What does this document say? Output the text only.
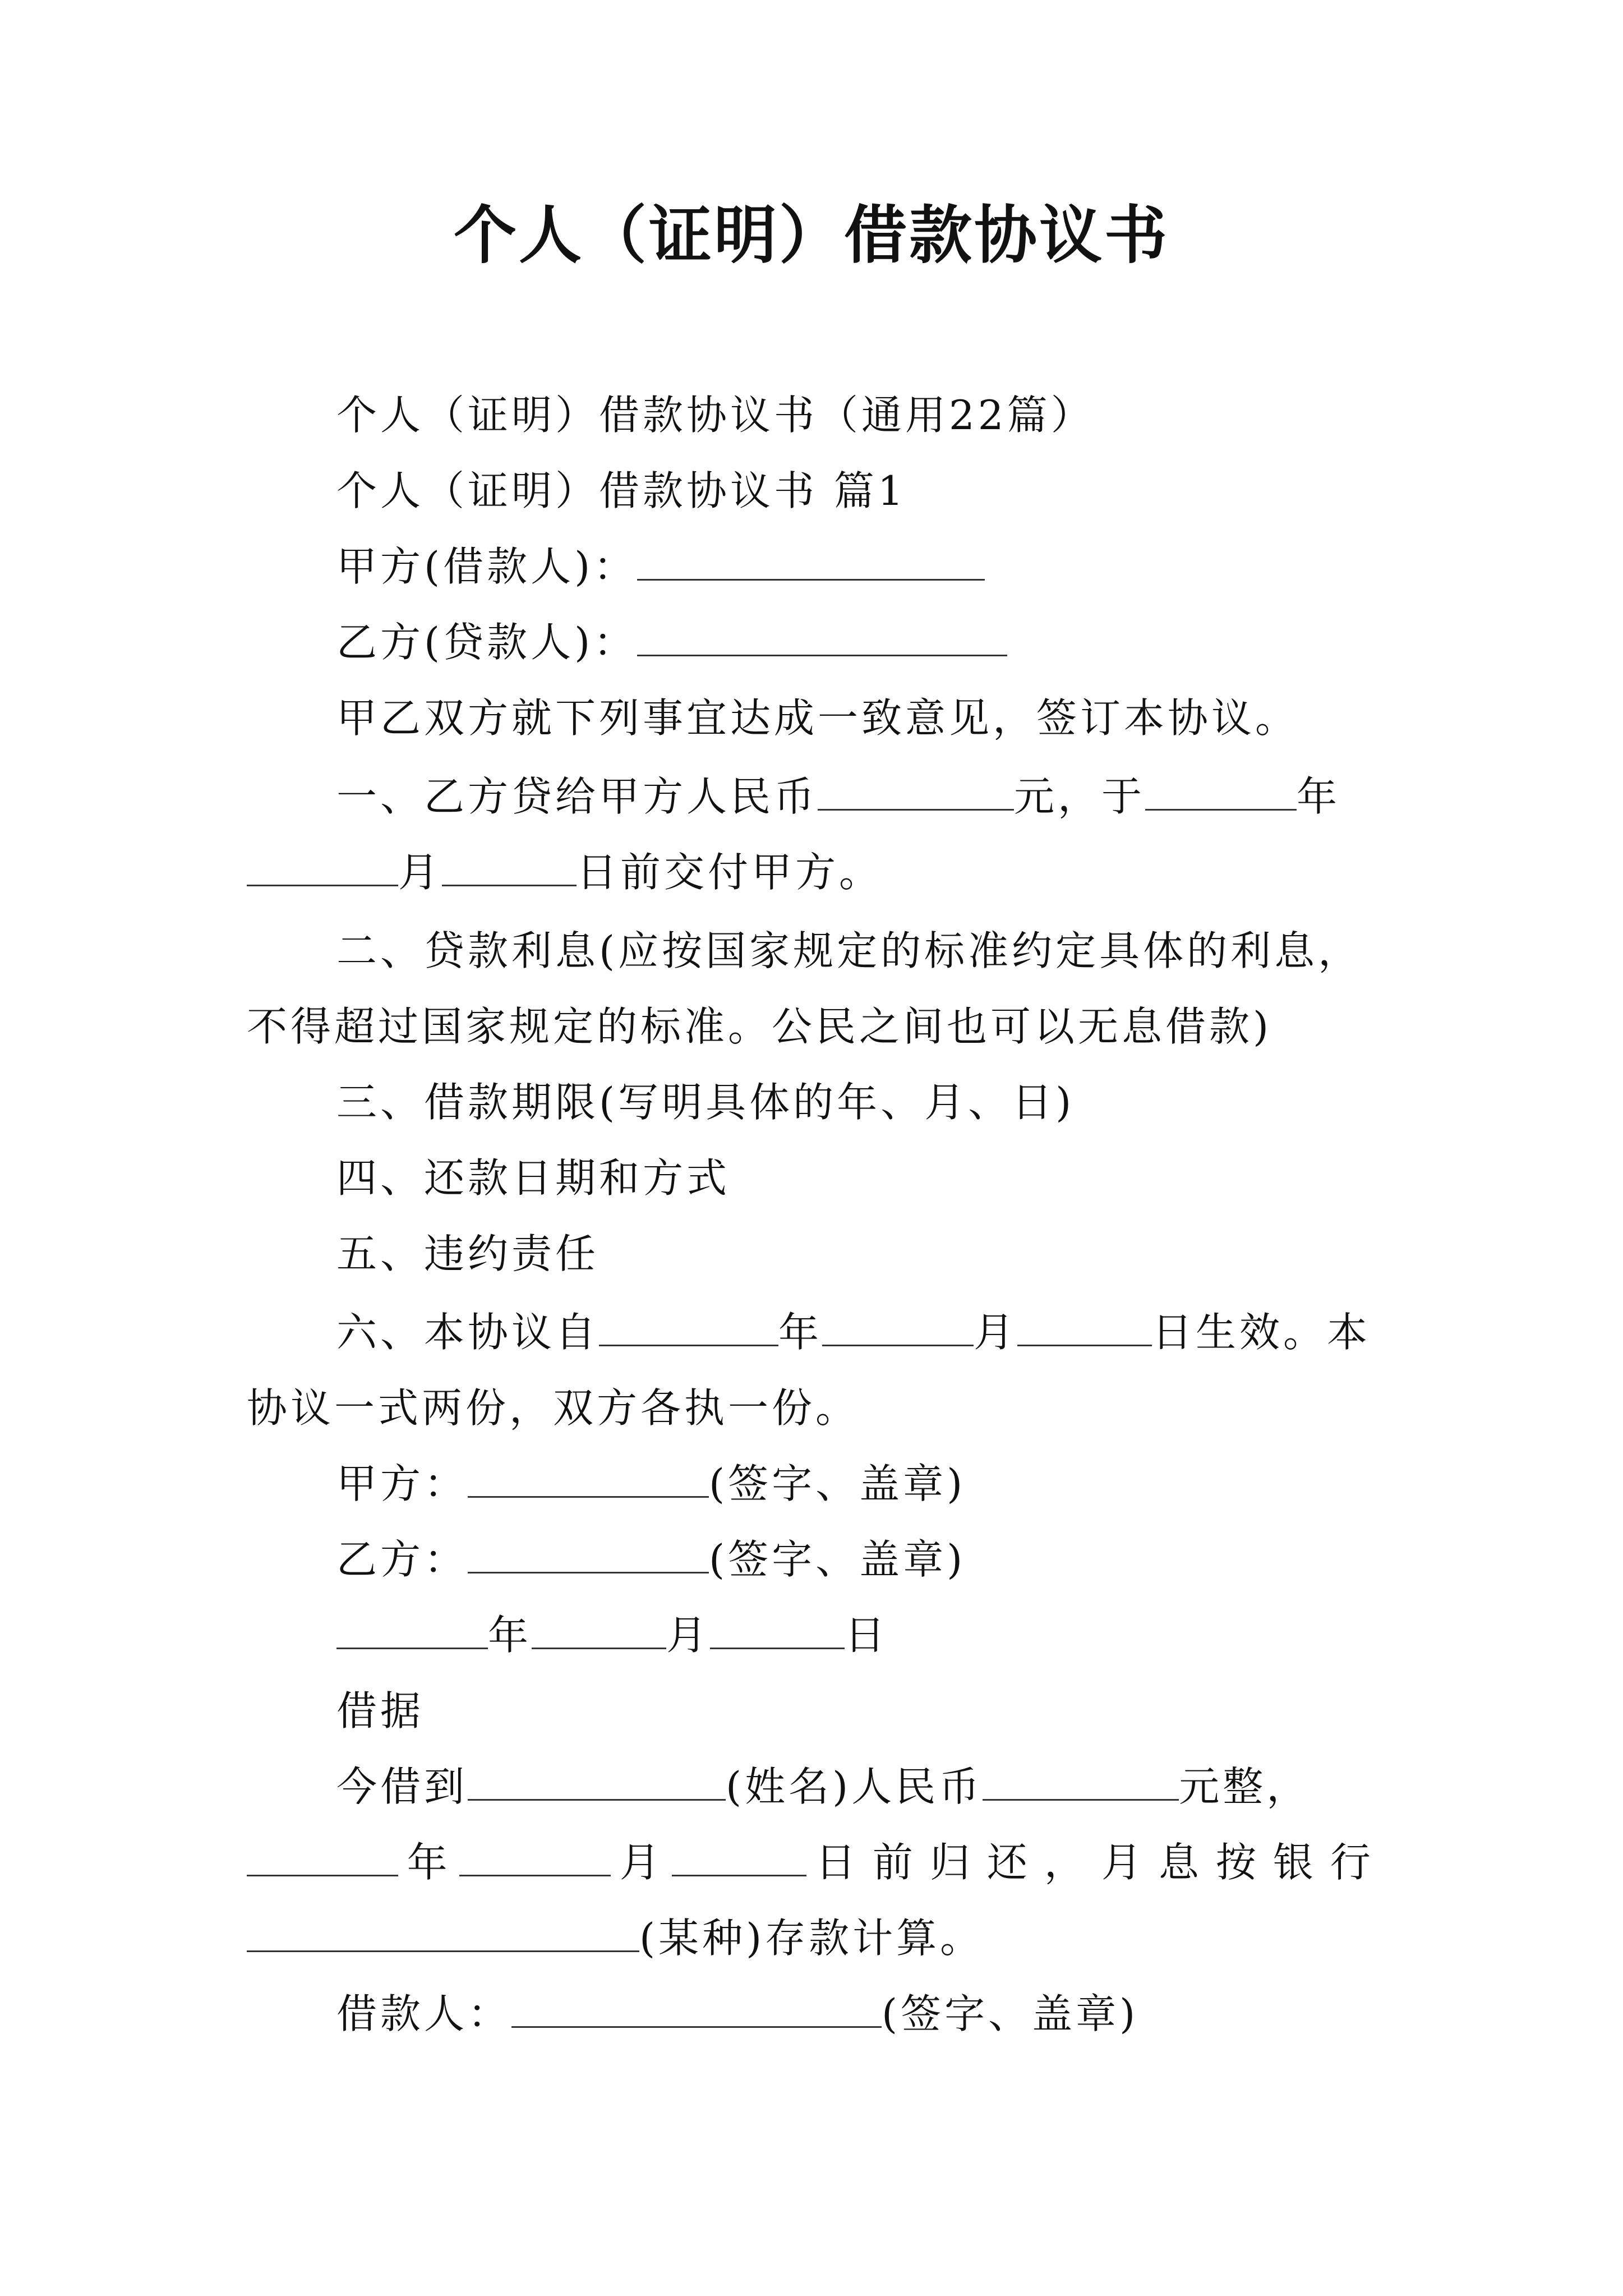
个人（证明）借款协议书
个人（证明）借款协议书（通用22篇）
个人（证明）借款协议书 篇1
甲方(借款人)：
乙方(贷款人)：
甲乙双方就下列事宜达成一致意见，签订本协议。
一、乙方贷给甲方人民币	元，于	年
月	日前交付甲方。
二、贷款利息(应按国家规定的标准约定具体的利息，
不得超过国家规定的标准。公民之间也可以无息借款)
三、借款期限(写明具体的年、月、日)
四、还款日期和方式
五、违约责任
六、本协议自	年	月	日生效。本
协议一式两份，双方各执一份。
甲方：	(签字、盖章)
乙方：	(签字、盖章)
年	月	日
借据
今借到	(姓名)人民币	元整，
年	月	日前归还，月息按银行
(某种)存款计算。
借款人：	(签字、盖章)
